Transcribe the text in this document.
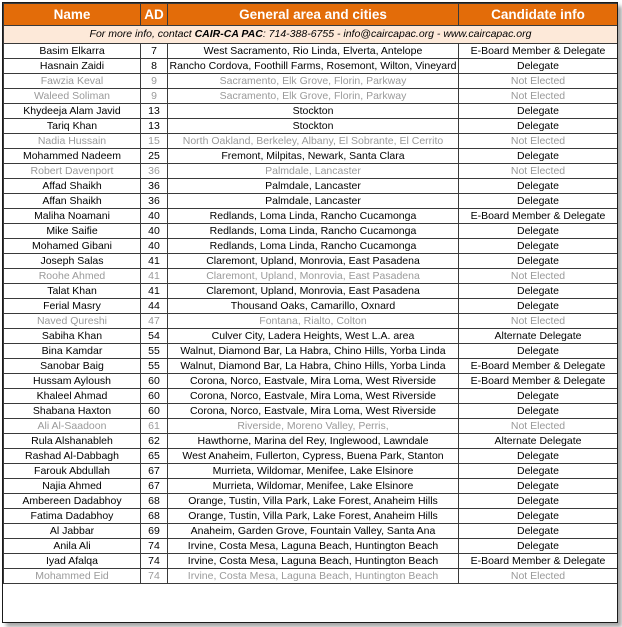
Name	AD	General area and cities	Candidate info
For more info, contact CAIR-CA PAC: 714-388-6755 - info@caircapac.org - www.caircapac.org			
Basim Elkarra	7	West Sacramento, Rio Linda, Elverta, Antelope	E-Board Member & Delegate
Hasnain Zaidi	8	Rancho Cordova, Foothill Farms, Rosemont, Wilton, Vineyard	Delegate
Fawzia Keval	9	Sacramento, Elk Grove, Florin, Parkway	Not Elected
Waleed Soliman	9	Sacramento, Elk Grove, Florin, Parkway	Not Elected
Khydeeja Alam Javid	13	Stockton	Delegate
Tariq Khan	13	Stockton	Delegate
Nadia Hussain	15	North Oakland, Berkeley, Albany, El Sobrante, El Cerrito	Not Elected
Mohammed Nadeem	25	Fremont, Milpitas, Newark, Santa Clara	Delegate
Robert Davenport	36	Palmdale, Lancaster	Not Elected
Affad Shaikh	36	Palmdale, Lancaster	Delegate
Affan Shaikh	36	Palmdale, Lancaster	Delegate
Maliha Noamani	40	Redlands, Loma Linda, Rancho Cucamonga	E-Board Member & Delegate
Mike Saifie	40	Redlands, Loma Linda, Rancho Cucamonga	Delegate
Mohamed Gibani	40	Redlands, Loma Linda, Rancho Cucamonga	Delegate
Joseph Salas	41	Claremont, Upland, Monrovia, East Pasadena	Delegate
Roohe Ahmed	41	Claremont, Upland, Monrovia, East Pasadena	Not Elected
Talat Khan	41	Claremont, Upland, Monrovia, East Pasadena	Delegate
Ferial Masry	44	Thousand Oaks, Camarillo, Oxnard	Delegate
Naved Qureshi	47	Fontana, Rialto, Colton	Not Elected
Sabiha Khan	54	Culver City, Ladera Heights, West L.A. area	Alternate Delegate
Bina Kamdar	55	Walnut, Diamond Bar, La Habra, Chino Hills, Yorba Linda	Delegate
Sanobar Baig	55	Walnut, Diamond Bar, La Habra, Chino Hills, Yorba Linda	E-Board Member & Delegate
Hussam Ayloush	60	Corona, Norco, Eastvale, Mira Loma, West Riverside	E-Board Member & Delegate
Khaleel Ahmad	60	Corona, Norco, Eastvale, Mira Loma, West Riverside	Delegate
Shabana Haxton	60	Corona, Norco, Eastvale, Mira Loma, West Riverside	Delegate
Ali Al-Saadoon	61	Riverside, Moreno Valley, Perris,	Not Elected
Rula Alshanableh	62	Hawthorne, Marina del Rey, Inglewood, Lawndale	Alternate Delegate
Rashad Al-Dabbagh	65	West Anaheim, Fullerton, Cypress, Buena Park, Stanton	Delegate
Farouk Abdullah	67	Murrieta, Wildomar, Menifee, Lake Elsinore	Delegate
Najia Ahmed	67	Murrieta, Wildomar, Menifee, Lake Elsinore	Delegate
Ambereen Dadabhoy	68	Orange, Tustin, Villa Park, Lake Forest, Anaheim Hills	Delegate
Fatima Dadabhoy	68	Orange, Tustin, Villa Park, Lake Forest, Anaheim Hills	Delegate
Al Jabbar	69	Anaheim, Garden Grove, Fountain Valley, Santa Ana	Delegate
Anila Ali	74	Irvine, Costa Mesa, Laguna Beach, Huntington Beach	Delegate
Iyad Afalqa	74	Irvine, Costa Mesa, Laguna Beach, Huntington Beach	E-Board Member & Delegate
Mohammed Eid	74	Irvine, Costa Mesa, Laguna Beach, Huntington Beach	Not Elected
